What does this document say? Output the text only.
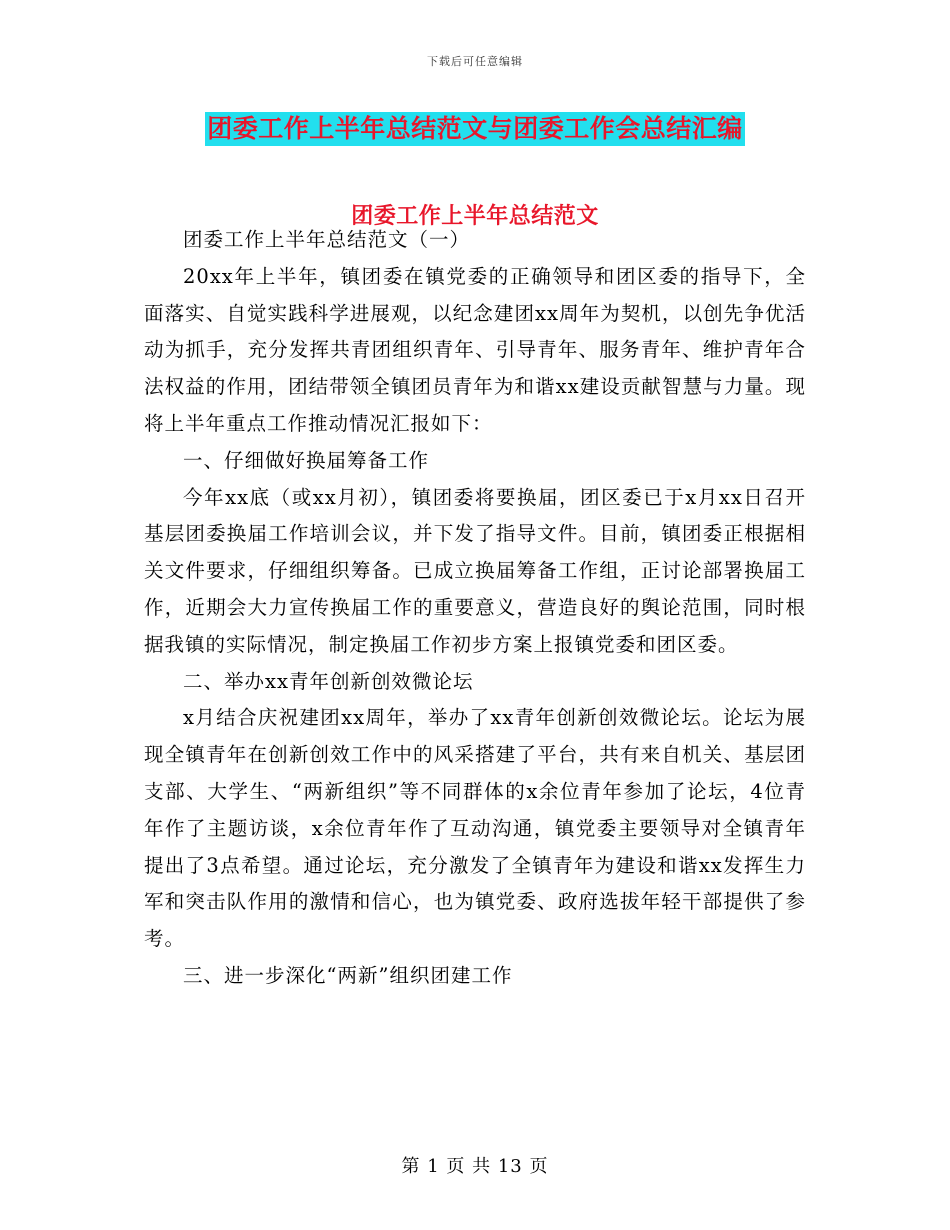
下载后可任意编辑
团委工作上半年总结范文与团委工作会总结汇编
团委工作上半年总结范文

团委工作上半年总结范文（一）

20xx年上半年，镇团委在镇党委的正确领导和团区委的指导下，全面落实、自觉实践科学进展观，以纪念建团xx周年为契机，以创先争优活动为抓手，充分发挥共青团组织青年、引导青年、服务青年、维护青年合法权益的作用，团结带领全镇团员青年为和谐xx建设贡献智慧与力量。现将上半年重点工作推动情况汇报如下：

一、仔细做好换届筹备工作

今年xx底（或xx月初），镇团委将要换届，团区委已于x月xx日召开基层团委换届工作培训会议，并下发了指导文件。目前，镇团委正根据相关文件要求，仔细组织筹备。已成立换届筹备工作组，正讨论部署换届工作，近期会大力宣传换届工作的重要意义，营造良好的舆论范围，同时根据我镇的实际情况，制定换届工作初步方案上报镇党委和团区委。

二、举办xx青年创新创效微论坛

x月结合庆祝建团xx周年，举办了xx青年创新创效微论坛。论坛为展现全镇青年在创新创效工作中的风采搭建了平台，共有来自机关、基层团支部、大学生、“两新组织”等不同群体的x余位青年参加了论坛，4位青年作了主题访谈，x余位青年作了互动沟通，镇党委主要领导对全镇青年提出了3点希望。通过论坛，充分激发了全镇青年为建设和谐xx发挥生力军和突击队作用的激情和信心，也为镇党委、政府选拔年轻干部提供了参考。

三、进一步深化“两新”组织团建工作

第 1 页 共 13 页
